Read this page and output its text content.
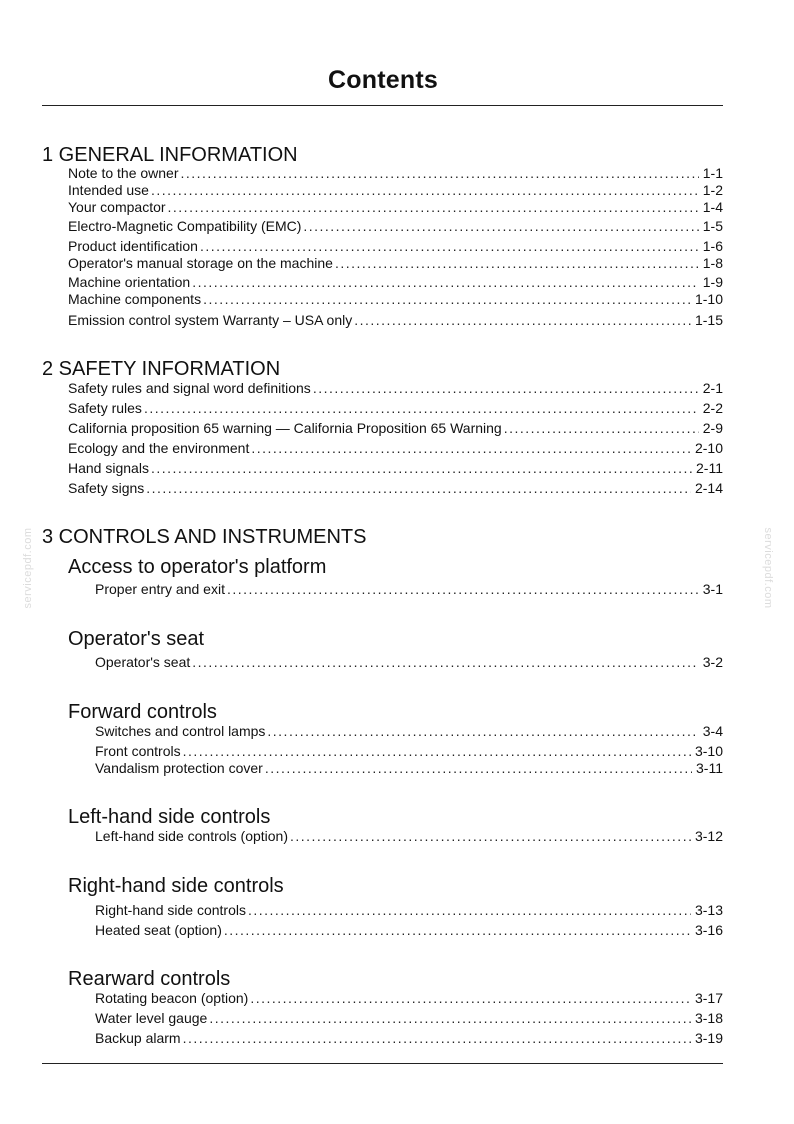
Contents
1 GENERAL INFORMATION
Note to the owner . . .	1-1
Intended use . . .	1-2
Your compactor . . .	1-4
Electro-Magnetic Compatibility (EMC) . . .	1-5
Product identification . . .	1-6
Operator's manual storage on the machine . . .	1-8
Machine orientation . . .	1-9
Machine components . . .	1-10
Emission control system Warranty – USA only . . .	1-15
2 SAFETY INFORMATION
Safety rules and signal word definitions . . .	2-1
Safety rules . . .	2-2
California proposition 65 warning — California Proposition 65 Warning . . .	2-9
Ecology and the environment . . .	2-10
Hand signals . . .	2-11
Safety signs . . .	2-14
3 CONTROLS AND INSTRUMENTS
Access to operator's platform
Proper entry and exit . . .	3-1
Operator's seat
Operator's seat . . .	3-2
Forward controls
Switches and control lamps . . .	3-4
Front controls . . .	3-10
Vandalism protection cover . . .	3-11
Left-hand side controls
Left-hand side controls (option) . . .	3-12
Right-hand side controls
Right-hand side controls . . .	3-13
Heated seat (option) . . .	3-16
Rearward controls
Rotating beacon (option) . . .	3-17
Water level gauge . . .	3-18
Backup alarm . . .	3-19
servicepdf.com	servicepdf.com
